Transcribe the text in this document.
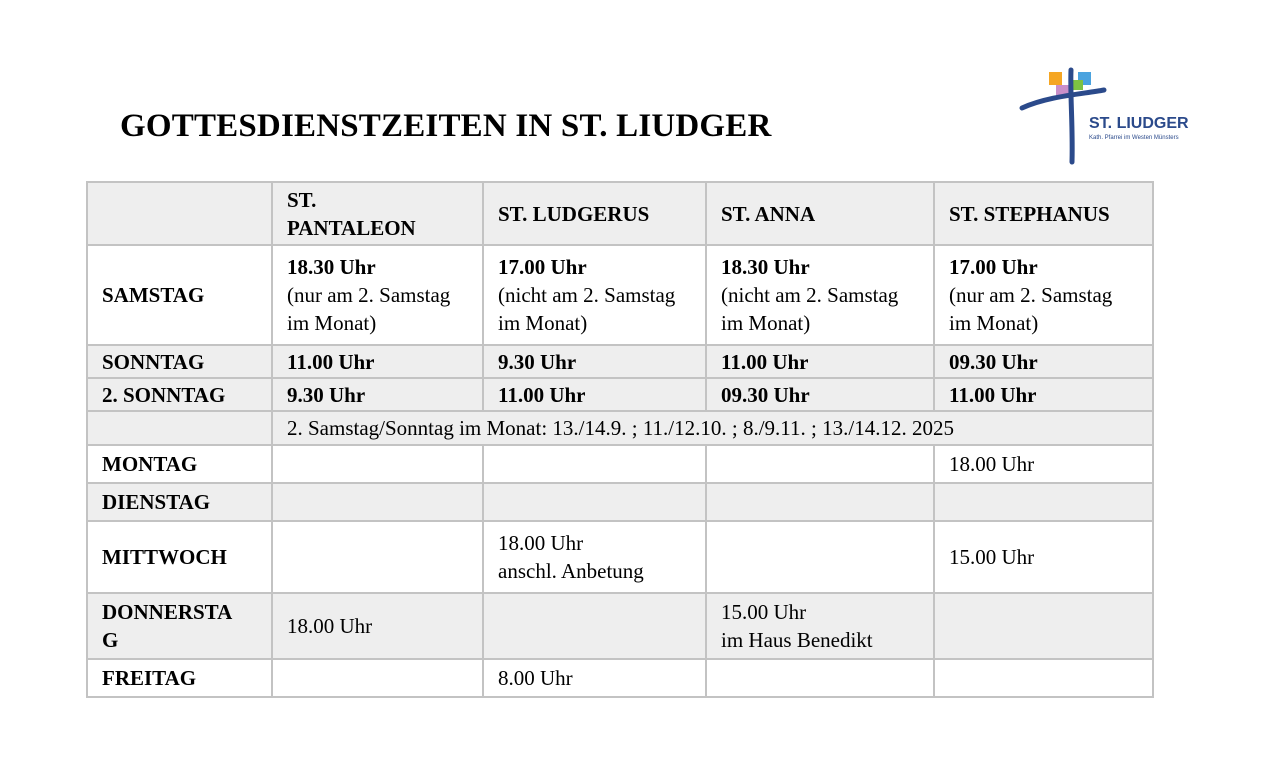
GOTTESDIENSTZEITEN IN ST. LIUDGER	ST. LIUDGER
Kath. Pfarrei im Westen Münsters

	ST.
PANTALEON	ST. LUDGERUS	ST. ANNA	ST. STEPHANUS
SAMSTAG	18.30 Uhr
(nur am 2. Samstag
im Monat)	17.00 Uhr
(nicht am 2. Samstag
im Monat)	18.30 Uhr
(nicht am 2. Samstag
im Monat)	17.00 Uhr
(nur am 2. Samstag
im Monat)

SONNTAG	11.00 Uhr	9.30 Uhr	11.00 Uhr	09.30 Uhr
2. SONNTAG	9.30 Uhr	11.00 Uhr	09.30 Uhr	11.00 Uhr
	2. Samstag/Sonntag im Monat: 13./14.9. ; 11./12.10. ; 8./9.11. ; 13./14.12. 2025			
MONTAG				18.00 Uhr
DIENSTAG				
MITTWOCH		18.00 Uhr
anschl. Anbetung		15.00 Uhr

DONNERSTA
G	18.00 Uhr		15.00 Uhr
im Haus Benedikt	

FREITAG		8.00 Uhr		
